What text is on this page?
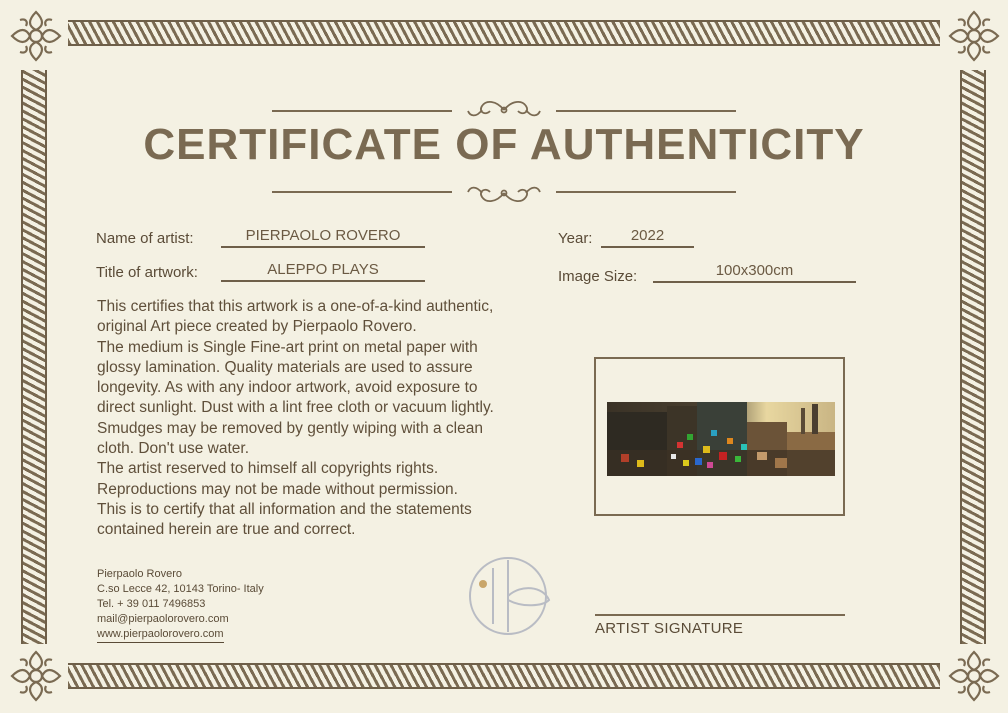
CERTIFICATE OF AUTHENTICITY
Name of artist:	PIERPAOLO ROVERO
Title of artwork:	ALEPPO PLAYS
Year:	2022
Image Size:	100x300cm

This certifies that this artwork is a one-of-a-kind authentic,

original Art piece created by Pierpaolo Rovero.

The medium is Single Fine-art print on metal paper with

glossy lamination. Quality materials are used to assure

longevity. As with any indoor artwork, avoid exposure to

direct sunlight. Dust with a lint free cloth or vacuum lightly.

Smudges may be removed by gently wiping with a clean

cloth. Don't use water.

The artist reserved to himself all copyrights rights.

Reproductions may not be made without permission.

This is to certify that all information and the statements

contained herein are true and correct.

Pierpaolo Rovero
C.so Lecce 42, 10143 Torino- Italy
Tel. + 39 011 7496853
mail@pierpaolorovero.com
www.pierpaolorovero.com	ARTIST SIGNATURE
